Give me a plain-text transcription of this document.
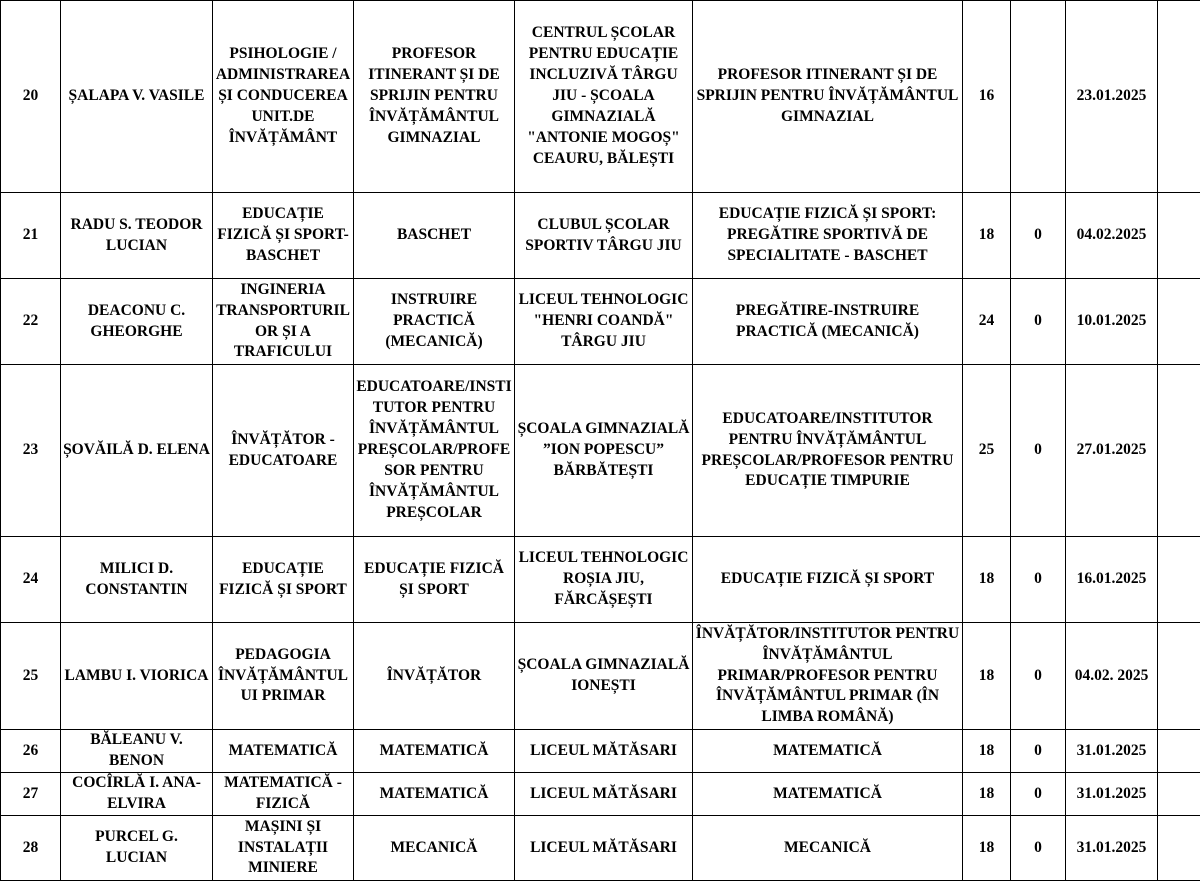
20	ȘALAPA V. VASILE	PSIHOLOGIE / ADMINISTRAREA ȘI CONDUCEREA UNIT.DE ÎNVĂȚĂMÂNT	PROFESOR ITINERANT ȘI DE SPRIJIN PENTRU ÎNVĂȚĂMÂNTUL GIMNAZIAL	CENTRUL ȘCOLAR PENTRU EDUCAȚIE INCLUZIVĂ TÂRGU JIU - ȘCOALA GIMNAZIALĂ "ANTONIE MOGOȘ" CEAURU, BĂLEȘTI	PROFESOR ITINERANT ȘI DE SPRIJIN PENTRU ÎNVĂȚĂMÂNTUL GIMNAZIAL	16		23.01.2025	
21	RADU S. TEODOR LUCIAN	EDUCAȚIE FIZICĂ ȘI SPORT- BASCHET	BASCHET	CLUBUL ȘCOLAR SPORTIV TÂRGU JIU	EDUCAȚIE FIZICĂ ȘI SPORT: PREGĂTIRE SPORTIVĂ DE SPECIALITATE - BASCHET	18	0	04.02.2025	
22	DEACONU C. GHEORGHE	INGINERIA TRANSPORTURILOR ȘI A TRAFICULUI	INSTRUIRE PRACTICĂ (MECANICĂ)	LICEUL TEHNOLOGIC "HENRI COANDĂ" TÂRGU JIU	PREGĂTIRE-INSTRUIRE PRACTICĂ (MECANICĂ)	24	0	10.01.2025	
23	ȘOVĂILĂ D. ELENA	ÎNVĂȚĂTOR - EDUCATOARE	EDUCATOARE/INSTITUTOR PENTRU ÎNVĂȚĂMÂNTUL PREȘCOLAR/PROFESOR PENTRU ÎNVĂȚĂMÂNTUL PREȘCOLAR	ȘCOALA GIMNAZIALĂ ”ION POPESCU” BĂRBĂTEȘTI	EDUCATOARE/INSTITUTOR PENTRU ÎNVĂȚĂMÂNTUL PREȘCOLAR/PROFESOR PENTRU EDUCAȚIE TIMPURIE	25	0	27.01.2025	
24	MILICI D. CONSTANTIN	EDUCAȚIE FIZICĂ ȘI SPORT	EDUCAȚIE FIZICĂ ȘI SPORT	LICEUL TEHNOLOGIC ROȘIA JIU, FĂRCĂȘEȘTI	EDUCAȚIE FIZICĂ ȘI SPORT	18	0	16.01.2025	
25	LAMBU I. VIORICA	PEDAGOGIA ÎNVĂȚĂMÂNTULUI PRIMAR	ÎNVĂȚĂTOR	ȘCOALA GIMNAZIALĂ IONEȘTI	ÎNVĂȚĂTOR/INSTITUTOR PENTRU ÎNVĂȚĂMÂNTUL PRIMAR/PROFESOR PENTRU ÎNVĂȚĂMÂNTUL PRIMAR (ÎN LIMBA ROMÂNĂ)	18	0	04.02. 2025	
26	BĂLEANU V. BENON	MATEMATICĂ	MATEMATICĂ	LICEUL MĂTĂSARI	MATEMATICĂ	18	0	31.01.2025	
27	COCÎRLĂ I. ANA-ELVIRA	MATEMATICĂ - FIZICĂ	MATEMATICĂ	LICEUL MĂTĂSARI	MATEMATICĂ	18	0	31.01.2025	
28	PURCEL G. LUCIAN	MAȘINI ȘI INSTALAȚII MINIERE	MECANICĂ	LICEUL MĂTĂSARI	MECANICĂ	18	0	31.01.2025	
